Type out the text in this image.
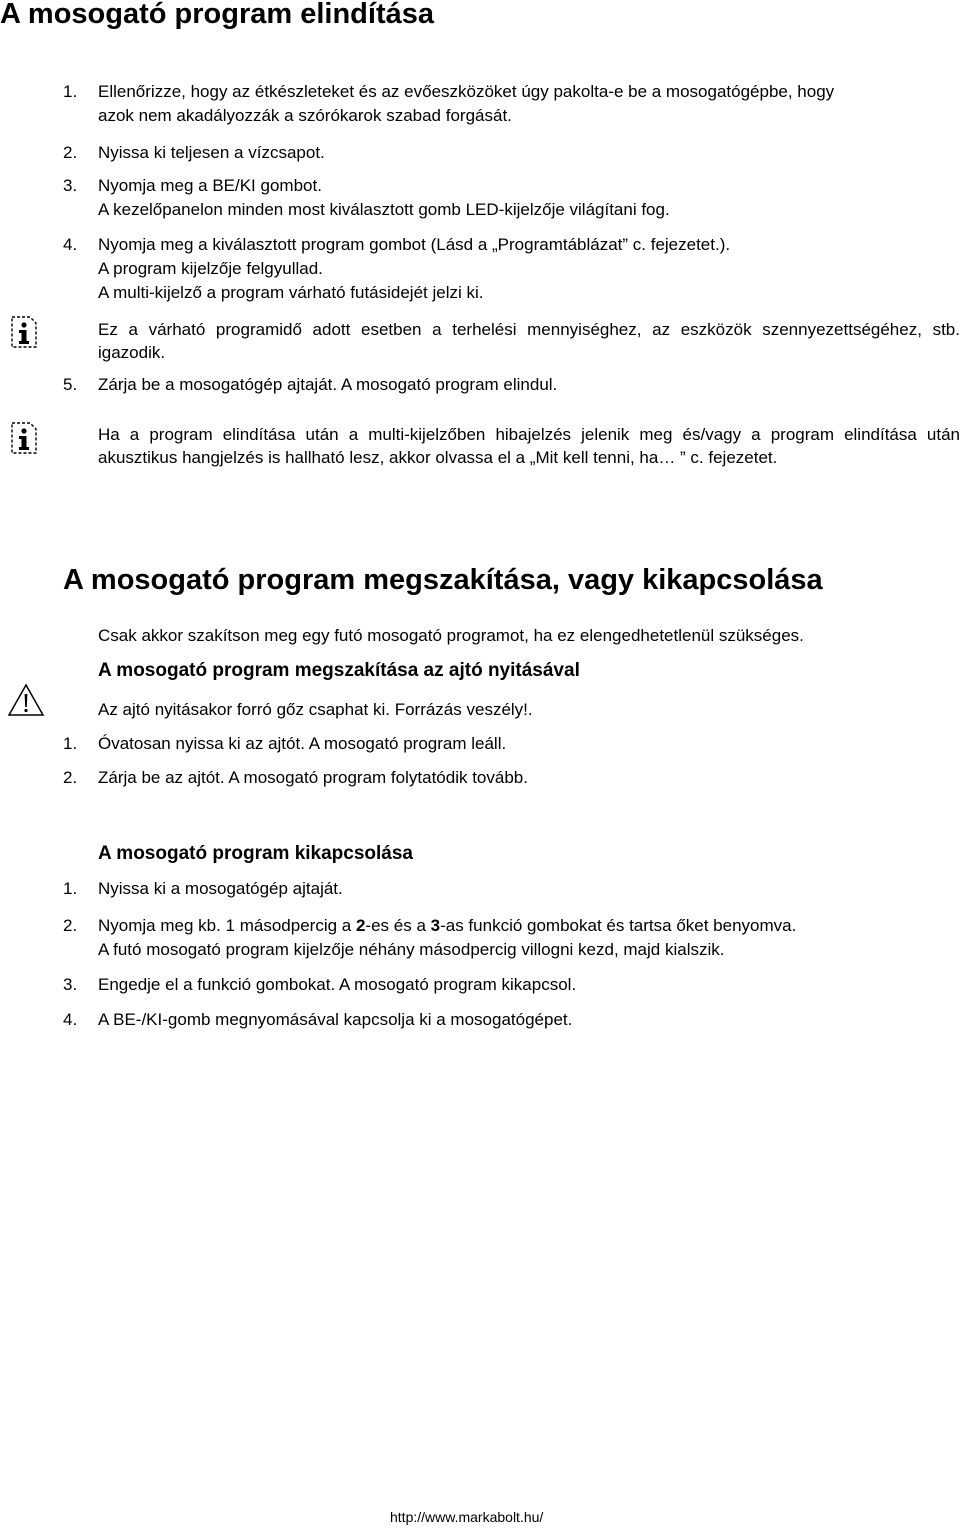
A mosogató program elindítása
1.	Ellenőrizze, hogy az étkészleteket és az evőeszközöket úgy pakolta-e be a mosogatógépbe, hogy
azok nem akadályozzák a szórókarok szabad forgását.
2.	Nyissa ki teljesen a vízcsapot.
3.	Nyomja meg a BE/KI gombot.
A kezelőpanelon minden most kiválasztott gomb LED-kijelzője világítani fog.
4.	Nyomja meg a kiválasztott program gombot (Lásd a „Programtáblázat” c. fejezetet.).
A program kijelzője felgyullad.
A multi-kijelző a program várható futásidejét jelzi ki.
Ez a várható programidő adott esetben a terhelési mennyiséghez, az eszközök szennyezettségéhez, stb. igazodik.
5.	Zárja be a mosogatógép ajtaját. A mosogató program elindul.
Ha a program elindítása után a multi-kijelzőben hibajelzés jelenik meg és/vagy a program elindítása után akusztikus hangjelzés is hallható lesz, akkor olvassa el a „Mit kell tenni, ha… ” c. fejezetet.
A mosogató program megszakítása, vagy kikapcsolása
Csak akkor szakítson meg egy futó mosogató programot, ha ez elengedhetetlenül szükséges.
A mosogató program megszakítása az ajtó nyitásával
Az ajtó nyitásakor forró gőz csaphat ki. Forrázás veszély!.
1.	Óvatosan nyissa ki az ajtót. A mosogató program leáll.
2.	Zárja be az ajtót. A mosogató program folytatódik tovább.
A mosogató program kikapcsolása
1.	Nyissa ki a mosogatógép ajtaját.
2.	Nyomja meg kb. 1 másodpercig a 2-es és a 3-as funkció gombokat és tartsa őket benyomva.
A futó mosogató program kijelzője néhány másodpercig villogni kezd, majd kialszik.
3.	Engedje el a funkció gombokat. A mosogató program kikapcsol.
4.	A BE-/KI-gomb megnyomásával kapcsolja ki a mosogatógépet.
http://www.markabolt.hu/
